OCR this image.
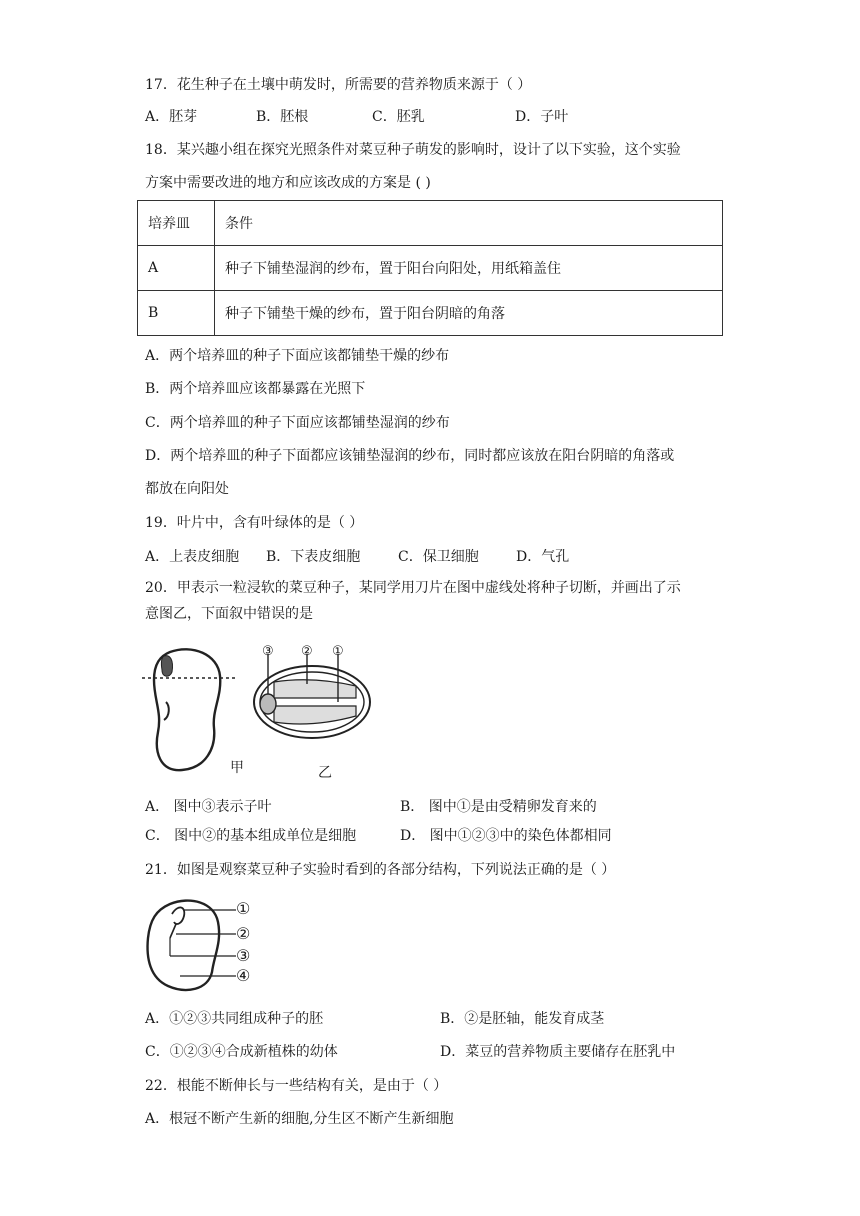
17．花生种子在土壤中萌发时，所需要的营养物质来源于（ ）
A．胚芽	B．胚根	C．胚乳	D．子叶
18．某兴趣小组在探究光照条件对菜豆种子萌发的影响时，设计了以下实验，这个实验
方案中需要改进的地方和应该改成的方案是 ( )
培养皿	条件
A	种子下铺垫湿润的纱布，置于阳台向阳处，用纸箱盖住
B	种子下铺垫干燥的纱布，置于阳台阴暗的角落
A．两个培养皿的种子下面应该都铺垫干燥的纱布
B．两个培养皿应该都暴露在光照下
C．两个培养皿的种子下面应该都铺垫湿润的纱布
D．两个培养皿的种子下面都应该铺垫湿润的纱布，同时都应该放在阳台阴暗的角落或
都放在向阳处
19．叶片中，含有叶绿体的是（ ）
A．上表皮细胞 B．下表皮细胞	C．保卫细胞	D．气孔
20．甲表示一粒浸软的菜豆种子，某同学用刀片在图中虚线处将种子切断，并画出了示
意图乙，下面叙中错误的是
甲
③ ② ①
乙
A． 图中③表示子叶	B． 图中①是由受精卵发育来的
C． 图中②的基本组成单位是细胞	D． 图中①②③中的染色体都相同
21．如图是观察菜豆种子实验时看到的各部分结构，下列说法正确的是（ ）
①
②
③
④
A．①②③共同组成种子的胚	B．②是胚轴，能发育成茎
C．①②③④合成新植株的幼体	D．菜豆的营养物质主要储存在胚乳中
22．根能不断伸长与一些结构有关，是由于（ ）
A．根冠不断产生新的细胞,分生区不断产生新细胞
